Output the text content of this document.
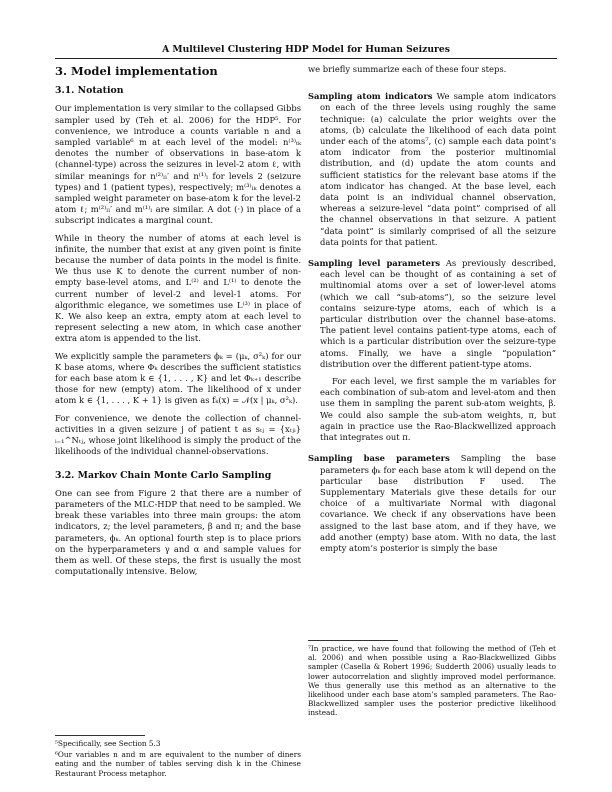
A Multilevel Clustering HDP Model for Human Seizures
3. Model implementation
3.1. Notation

Our implementation is very similar to the collapsed Gibbs sampler used by (Teh et al. 2006) for the HDP⁵. For convenience, we introduce a counts variable n and a sampled variable⁶ m at each level of the model: n⁽³⁾ₜₖ denotes the number of observations in base-atom k (channel-type) across the seizures in level-2 atom ℓ, with similar meanings for n⁽²⁾ₗₗ′ and n⁽¹⁾ₗ for levels 2 (seizure types) and 1 (patient types), respectively; m⁽³⁾ₗₖ denotes a sampled weight parameter on base-atom k for the level-2 atom ℓ; m⁽²⁾ₗₗ′ and m⁽¹⁾ₗ are similar. A dot (·) in place of a subscript indicates a marginal count.

While in theory the number of atoms at each level is infinite, the number that exist at any given point is finite because the number of data points in the model is finite. We thus use K to denote the current number of non-empty base-level atoms, and L⁽²⁾ and L⁽¹⁾ to denote the current number of level-2 and level-1 atoms. For algorithmic elegance, we sometimes use L⁽³⁾ in place of K. We also keep an extra, empty atom at each level to represent selecting a new atom, in which case another extra atom is appended to the list.

We explicitly sample the parameters ϕₖ = (μₖ, σ²ₖ) for our K base atoms, where Φₖ describes the sufficient statistics for each base atom k ∈ {1, . . . , K} and let Φₖ₊₁ describe those for new (empty) atom. The likelihood of x under atom k ∈ {1, . . . , K + 1} is given as fₖ(x) = 𝒩(x | μₖ, σ²ₖ).

For convenience, we denote the collection of channel-activities in a given seizure j of patient t as sₜⱼ = {xₜⱼᵢ}ᵢ₌₁^Nₜⱼ, whose joint likelihood is simply the product of the likelihoods of the individual channel-observations.

3.2. Markov Chain Monte Carlo Sampling

One can see from Figure 2 that there are a number of parameters of the MLC-HDP that need to be sampled. We break these variables into three main groups: the atom indicators, z; the level parameters, β and π; and the base parameters, ϕₖ. An optional fourth step is to place priors on the hyperparameters γ and α and sample values for them as well. Of these steps, the first is usually the most computationally intensive. Below,

we briefly summarize each of these four steps.

Sampling atom indicators We sample atom indicators on each of the three levels using roughly the same technique: (a) calculate the prior weights over the atoms, (b) calculate the likelihood of each data point under each of the atoms⁷, (c) sample each data point’s atom indicator from the posterior multinomial distribution, and (d) update the atom counts and sufficient statistics for the relevant base atoms if the atom indicator has changed. At the base level, each data point is an individual channel observation, whereas a seizure-level “data point” comprised of all the channel observations in that seizure. A patient “data point” is similarly comprised of all the seizure data points for that patient.

Sampling level parameters As previously described, each level can be thought of as containing a set of multinomial atoms over a set of lower-level atoms (which we call “sub-atoms”), so the seizure level contains seizure-type atoms, each of which is a particular distribution over the channel base-atoms. The patient level contains patient-type atoms, each of which is a particular distribution over the seizure-type atoms. Finally, we have a single “population” distribution over the different patient-type atoms.

For each level, we first sample the m variables for each combination of sub-atom and level-atom and then use them in sampling the parent sub-atom weights, β. We could also sample the sub-atom weights, π, but again in practice use the Rao-Blackwellized approach that integrates out π.

Sampling base parameters Sampling the base parameters ϕₖ for each base atom k will depend on the particular base distribution F used. The Supplementary Materials give these details for our choice of a multivariate Normal with diagonal covariance. We check if any observations have been assigned to the last base atom, and if they have, we add another (empty) base atom. With no data, the last empty atom’s posterior is simply the base

⁵Specifically, see Section 5.3

⁶Our variables n and m are equivalent to the number of diners eating and the number of tables serving dish k in the Chinese Restaurant Process metaphor.

⁷In practice, we have found that following the method of (Teh et al. 2006) and when possible using a Rao-Blackwellized Gibbs sampler (Casella & Robert 1996; Sudderth 2006) usually leads to lower autocorrelation and slightly improved model performance. We thus generally use this method as an alternative to the likelihood under each base atom’s sampled parameters. The Rao-Blackwellized sampler uses the posterior predictive likelihood instead.
